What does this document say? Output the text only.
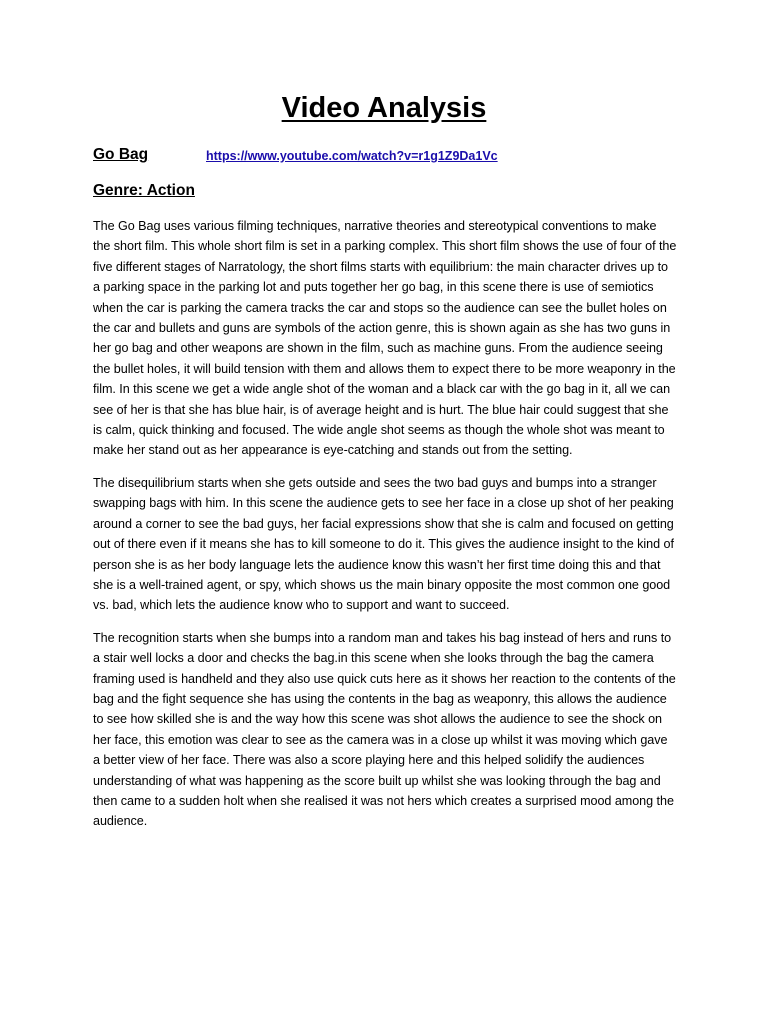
Video Analysis
Go Bag	https://www.youtube.com/watch?v=r1g1Z9Da1Vc
Genre: Action

The Go Bag uses various filming techniques, narrative theories and stereotypical conventions to make the short film. This whole short film is set in a parking complex. This short film shows the use of four of the five different stages of Narratology, the short films starts with equilibrium: the main character drives up to a parking space in the parking lot and puts together her go bag, in this scene there is use of semiotics when the car is parking the camera tracks the car and stops so the audience can see the bullet holes on the car and bullets and guns are symbols of the action genre, this is shown again as she has two guns in her go bag and other weapons are shown in the film, such as machine guns. From the audience seeing the bullet holes, it will build tension with them and allows them to expect there to be more weaponry in the film. In this scene we get a wide angle shot of the woman and a black car with the go bag in it, all we can see of her is that she has blue hair, is of average height and is hurt. The blue hair could suggest that she is calm, quick thinking and focused. The wide angle shot seems as though the whole shot was meant to make her stand out as her appearance is eye-catching and stands out from the setting.

The disequilibrium starts when she gets outside and sees the two bad guys and bumps into a stranger swapping bags with him. In this scene the audience gets to see her face in a close up shot of her peaking around a corner to see the bad guys, her facial expressions show that she is calm and focused on getting out of there even if it means she has to kill someone to do it. This gives the audience insight to the kind of person she is as her body language lets the audience know this wasn’t her first time doing this and that she is a well-trained agent, or spy, which shows us the main binary opposite the most common one good vs. bad, which lets the audience know who to support and want to succeed.

The recognition starts when she bumps into a random man and takes his bag instead of hers and runs to a stair well locks a door and checks the bag.in this scene when she looks through the bag the camera framing used is handheld and they also use quick cuts here as it shows her reaction to the contents of the bag and the fight sequence she has using the contents in the bag as weaponry, this allows the audience to see how skilled she is and the way how this scene was shot allows the audience to see the shock on her face, this emotion was clear to see as the camera was in a close up whilst it was moving which gave a better view of her face. There was also a score playing here and this helped solidify the audiences understanding of what was happening as the score built up whilst she was looking through the bag and then came to a sudden holt when she realised it was not hers which creates a surprised mood among the audience.
